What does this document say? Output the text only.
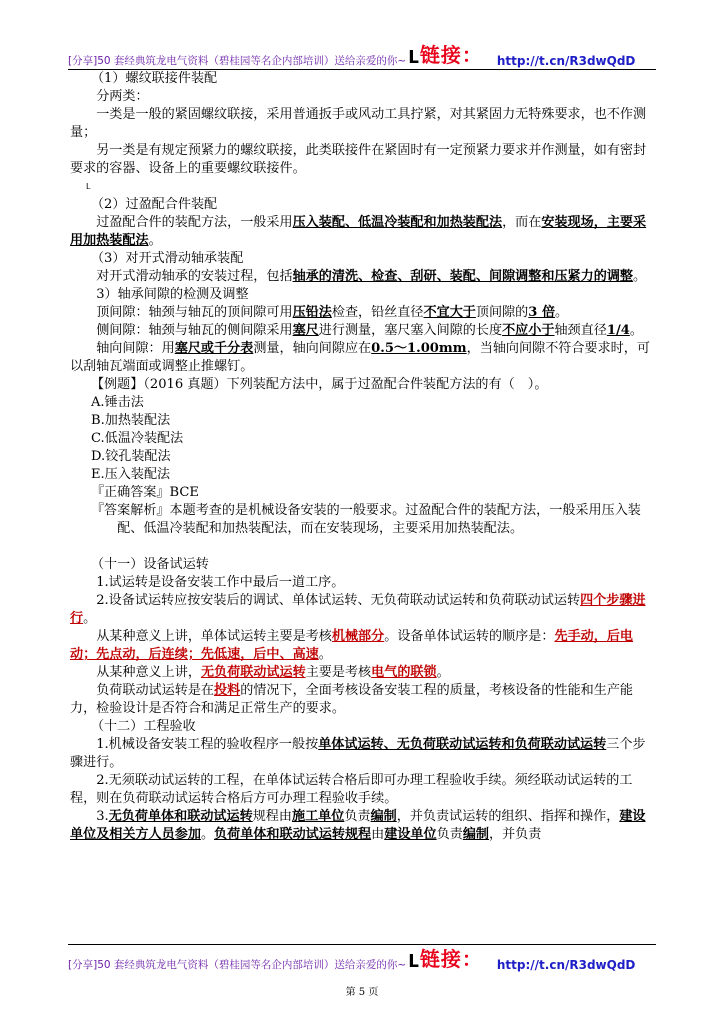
[分享]50 套经典筑龙电气资料（碧桂园等名企内部培训）送给亲爱的你~ ᒪ 链接： http://t.cn/R3dwQdD

（1）螺纹联接件装配

分两类：

一类是一般的紧固螺纹联接，采用普通扳手或风动工具拧紧，对其紧固力无特殊要求，也不作测量；

另一类是有规定预紧力的螺纹联接，此类联接件在紧固时有一定预紧力要求并作测量，如有密封要求的容器、设备上的重要螺纹联接件。

ᒪ

（2）过盈配合件装配

过盈配合件的装配方法，一般采用压入装配、低温冷装配和加热装配法，而在安装现场，主要采用加热装配法。

（3）对开式滑动轴承装配

对开式滑动轴承的安装过程，包括轴承的清洗、检查、刮研、装配、间隙调整和压紧力的调整。

3）轴承间隙的检测及调整

顶间隙：轴颈与轴瓦的顶间隙可用压铅法检查，铅丝直径不宜大于顶间隙的3 倍。

侧间隙：轴颈与轴瓦的侧间隙采用塞尺进行测量，塞尺塞入间隙的长度不应小于轴颈直径1/4。

轴向间隙：用塞尺或千分表测量，轴向间隙应在0.5～1.00mm，当轴向间隙不符合要求时，可以刮轴瓦端面或调整止推螺钉。

【例题】（2016 真题）下列装配方法中，属于过盈配合件装配方法的有（　）。

A.锤击法

B.加热装配法

C.低温冷装配法

D.铰孔装配法

E.压入装配法

『正确答案』BCE

『答案解析』本题考查的是机械设备安装的一般要求。过盈配合件的装配方法，一般采用压入装配、低温冷装配和加热装配法，而在安装现场，主要采用加热装配法。

（十一）设备试运转

1.试运转是设备安装工作中最后一道工序。

2.设备试运转应按安装后的调试、单体试运转、无负荷联动试运转和负荷联动试运转四个步骤进行。

从某种意义上讲，单体试运转主要是考核机械部分。设备单体试运转的顺序是：先手动，后电动；先点动，后连续；先低速，后中、高速。

从某种意义上讲，无负荷联动试运转主要是考核电气的联锁。

负荷联动试运转是在投料的情况下，全面考核设备安装工程的质量，考核设备的性能和生产能力，检验设计是否符合和满足正常生产的要求。

（十二）工程验收

1.机械设备安装工程的验收程序一般按单体试运转、无负荷联动试运转和负荷联动试运转三个步骤进行。

2.无须联动试运转的工程，在单体试运转合格后即可办理工程验收手续。须经联动试运转的工程，则在负荷联动试运转合格后方可办理工程验收手续。

3.无负荷单体和联动试运转规程由施工单位负责编制，并负责试运转的组织、指挥和操作，建设单位及相关方人员参加。负荷单体和联动试运转规程由建设单位负责编制，并负责

[分享]50 套经典筑龙电气资料（碧桂园等名企内部培训）送给亲爱的你~ ᒪ 链接： http://t.cn/R3dwQdD
第 5 页
